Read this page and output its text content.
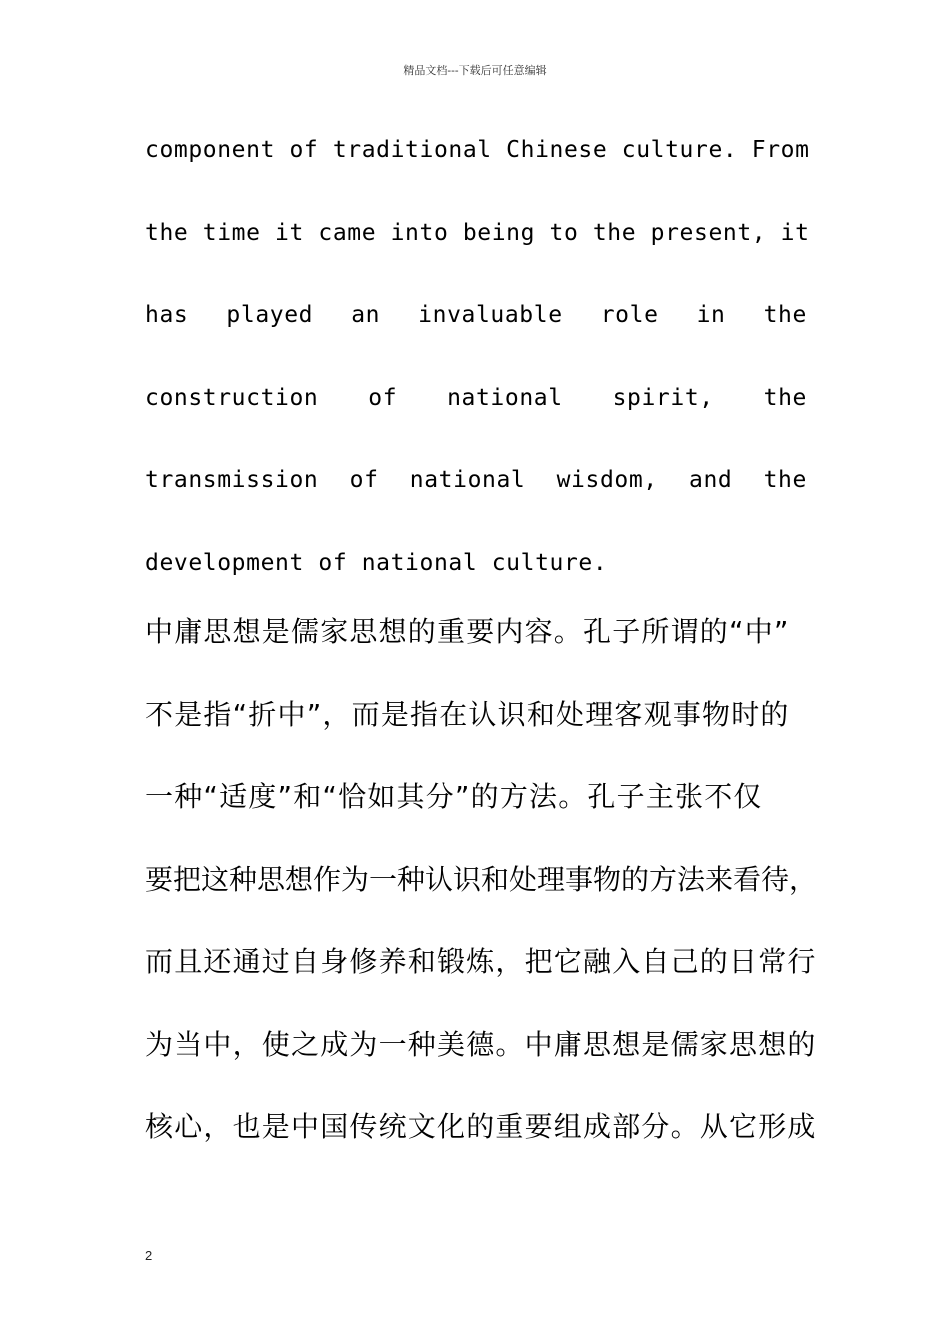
精品文档---下载后可任意编辑
component of traditional Chinese culture. From
the time it came into being to the present, it
has played an invaluable role in the
construction of national spirit, the
transmission of national wisdom, and the
development of national culture.
中庸思想是儒家思想的重要内容。孔子所谓的“中”
不是指“折中”，而是指在认识和处理客观事物时的
一种“适度”和“恰如其分”的方法。孔子主张不仅
要把这种思想作为一种认识和处理事物的方法来看待，
而且还通过自身修养和锻炼，把它融入自己的日常行
为当中，使之成为一种美德。中庸思想是儒家思想的
核心，也是中国传统文化的重要组成部分。从它形成
2
